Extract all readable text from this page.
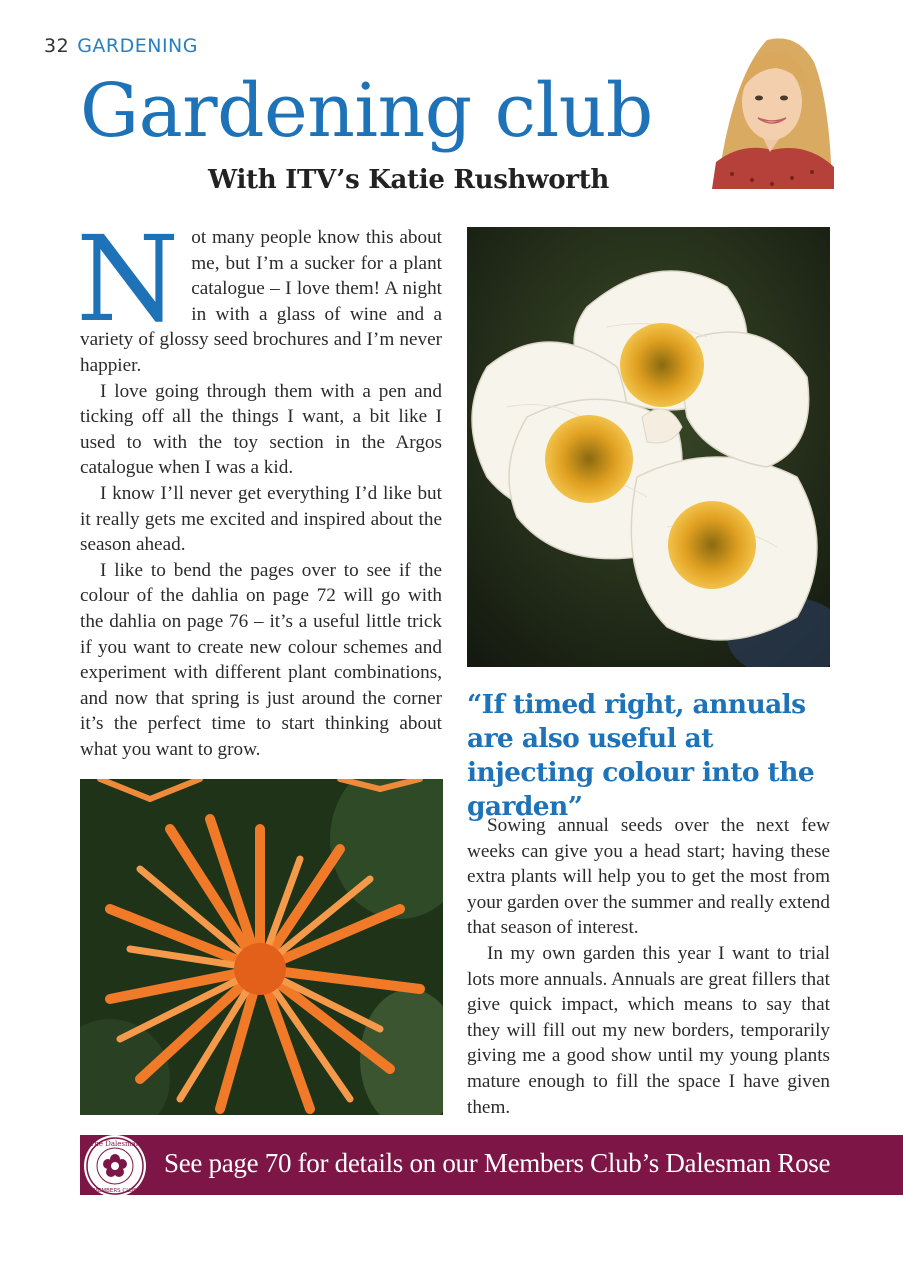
32 GARDENING
Gardening club
With ITV’s Katie Rushworth

Not many people know this about me, but I’m a sucker for a plant catalogue – I love them! A night in with a glass of wine and a variety of glossy seed brochures and I’m never happier.

I love going through them with a pen and ticking off all the things I want, a bit like I used to with the toy section in the Argos catalogue when I was a kid.

I know I’ll never get everything I’d like but it really gets me excited and inspired about the season ahead.

I like to bend the pages over to see if the colour of the dahlia on page 72 will go with the dahlia on page 76 – it’s a useful little trick if you want to create new colour schemes and experiment with different plant combinations, and now that spring is just around the corner it’s the perfect time to start thinking about what you want to grow.

“If timed right, annuals are also useful at injecting colour into the garden”

Sowing annual seeds over the next few weeks can give you a head start; having these extra plants will help you to get the most from your garden over the summer and really extend that season of interest.

In my own garden this year I want to trial lots more annuals. Annuals are great fillers that give quick impact, which means to say that they will fill out my new borders, temporarily giving me a good show until my young plants mature enough to fill the space I have given them.

The Dalesman
MEMBERS CLUB
See page 70 for details on our Members Club’s Dalesman Rose
